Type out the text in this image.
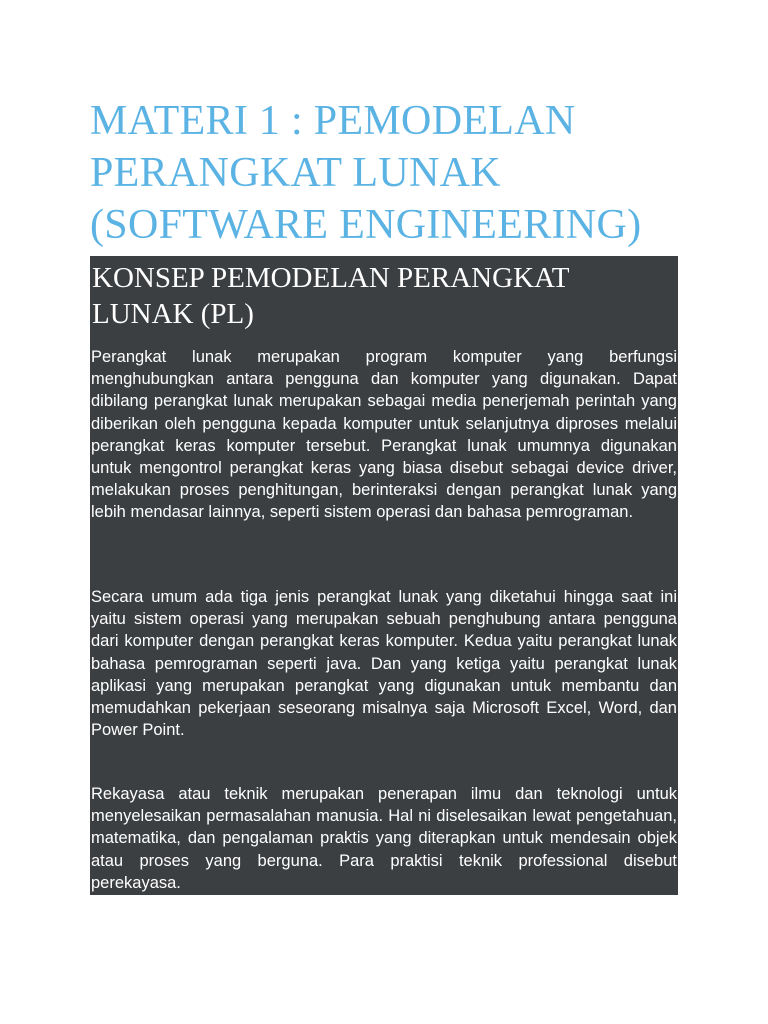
MATERI 1 : PEMODELAN PERANGKAT LUNAK (SOFTWARE ENGINEERING)
KONSEP PEMODELAN PERANGKAT LUNAK (PL)

Perangkat lunak merupakan program komputer yang berfungsi menghubungkan antara pengguna dan komputer yang digunakan. Dapat dibilang perangkat lunak merupakan sebagai media penerjemah perintah yang diberikan oleh pengguna kepada komputer untuk selanjutnya diproses melalui perangkat keras komputer tersebut. Perangkat lunak umumnya digunakan untuk mengontrol perangkat keras yang biasa disebut sebagai device driver, melakukan proses penghitungan, berinteraksi dengan perangkat lunak yang lebih mendasar lainnya, seperti sistem operasi dan bahasa pemrograman.

Secara umum ada tiga jenis perangkat lunak yang diketahui hingga saat ini yaitu sistem operasi yang merupakan sebuah penghubung antara pengguna dari komputer dengan perangkat keras komputer. Kedua yaitu perangkat lunak bahasa pemrograman seperti java. Dan yang ketiga yaitu perangkat lunak aplikasi yang merupakan perangkat yang digunakan untuk membantu dan memudahkan pekerjaan seseorang misalnya saja Microsoft Excel, Word, dan Power Point.

Rekayasa atau teknik merupakan penerapan ilmu dan teknologi untuk menyelesaikan permasalahan manusia. Hal ni diselesaikan lewat pengetahuan, matematika, dan pengalaman praktis yang diterapkan untuk mendesain objek atau proses yang berguna. Para praktisi teknik professional disebut perekayasa.
